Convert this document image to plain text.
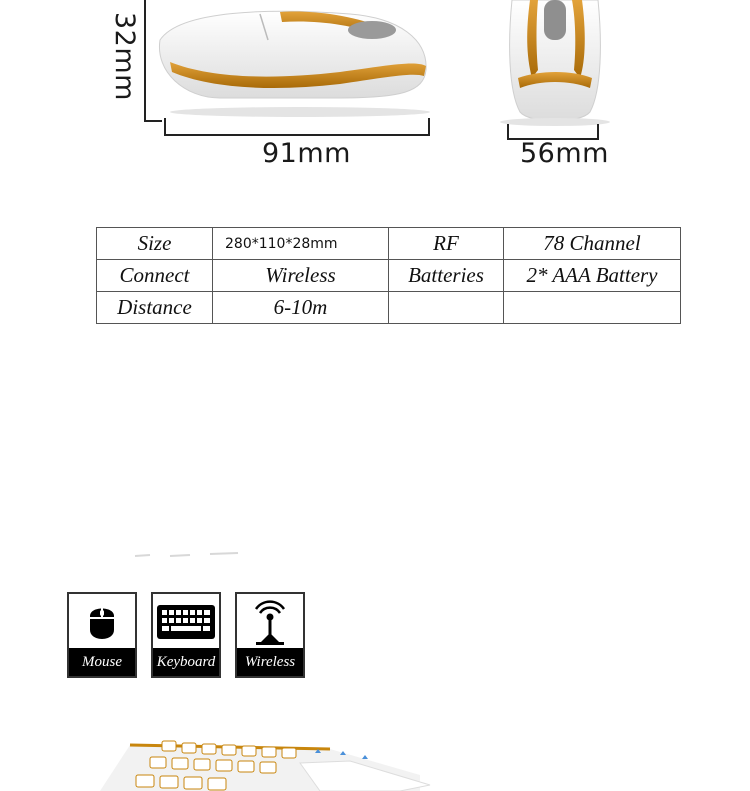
32mm
91mm	56mm
Size	280*110*28mm	RF	78 Channel
Connect	Wireless	Batteries	2* AAA Battery
Distance	6-10m		
Mouse	Keyboard	Wireless
